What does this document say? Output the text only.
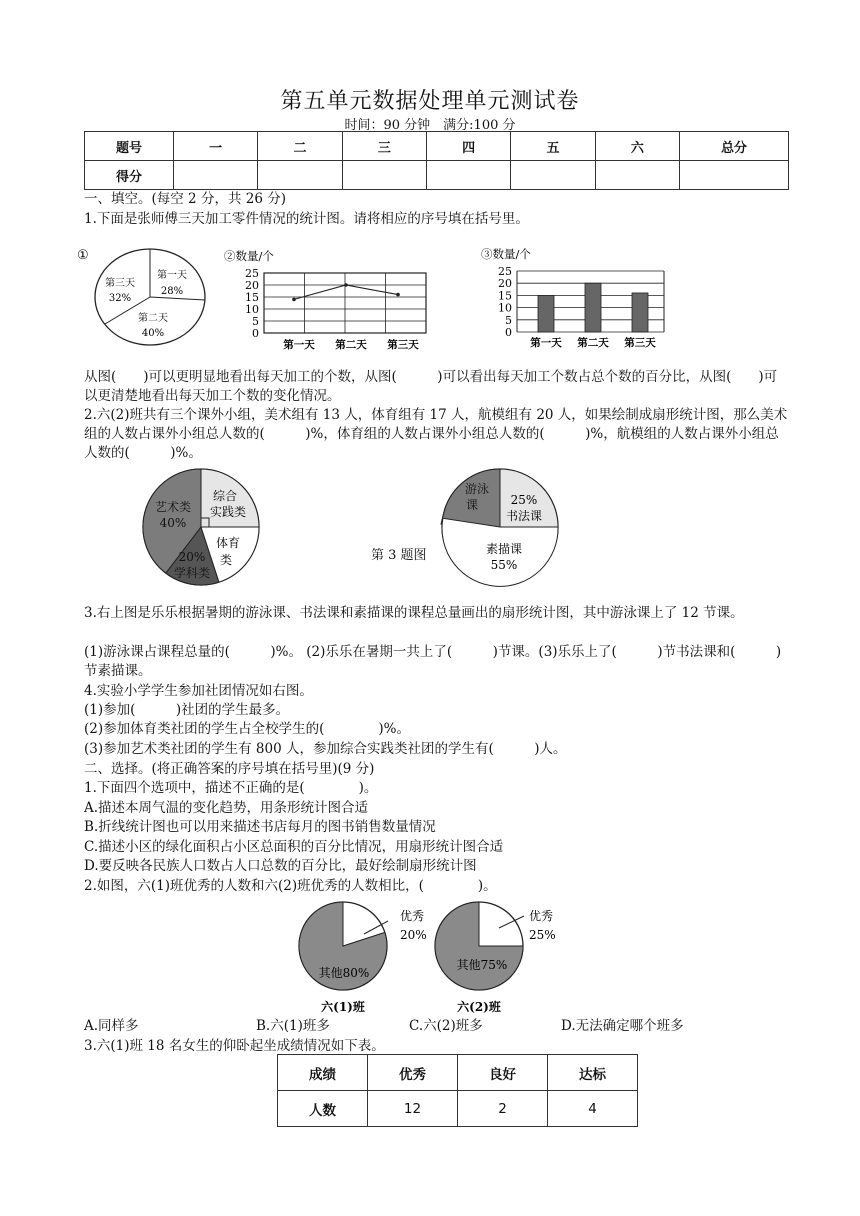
第五单元数据处理单元测试卷
时间：90 分钟　满分:100 分
题号	一	二	三	四	五	六	总分
得分							
一、填空。(每空 2 分，共 26 分)
1.下面是张师傅三天加工零件情况的统计图。请将相应的序号填在括号里。
①
第一天
28%
第二天
40%
第三天
32%
②数量/个
25
20
15
10
5
0
第一天 第二天 第三天
③数量/个
25
20
15
10
5
0
第一天 第二天 第三天
从图(　　)可以更明显地看出每天加工的个数，从图(　　　)可以看出每天加工个数占总个数的百分比，从图(　　)可以更清楚地看出每天加工个数的变化情况。
2.六(2)班共有三个课外小组，美术组有 13 人，体育组有 17 人，航模组有 20 人，如果绘制成扇形统计图，那么美术组的人数占课外小组总人数的(　　　)%，体育组的人数占课外小组总人数的(　　　)%，航模组的人数占课外小组总人数的(　　　)%。
艺术类
40%
综合
实践类
体育
类
20%
学科类
第 3 题图
游泳
课	25%
书法课
素描课
55%
3.右上图是乐乐根据暑期的游泳课、书法课和素描课的课程总量画出的扇形统计图，其中游泳课上了 12 节课。
(1)游泳课占课程总量的(　　　)%。 (2)乐乐在暑期一共上了(　　　)节课。(3)乐乐上了(　　　)节书法课和(　　　)节素描课。
4.实验小学学生参加社团情况如右图。
(1)参加(　　　)社团的学生最多。
(2)参加体育类社团的学生占全校学生的(　　　　)%。
(3)参加艺术类社团的学生有 800 人，参加综合实践类社团的学生有(　　　)人。
二、选择。(将正确答案的序号填在括号里)(9 分)
1.下面四个选项中，描述不正确的是(　　　　)。
A.描述本周气温的变化趋势，用条形统计图合适
B.折线统计图也可以用来描述书店每月的图书销售数量情况
C.描述小区的绿化面积占小区总面积的百分比情况，用扇形统计图合适
D.要反映各民族人口数占人口总数的百分比，最好绘制扇形统计图
2.如图，六(1)班优秀的人数和六(2)班优秀的人数相比，(　　　　)。
优秀
20%
其他80%
六(1)班
优秀
25%
其他75%
六(2)班
A.同样多	B.六(1)班多	C.六(2)班多	D.无法确定哪个班多
3.六(1)班 18 名女生的仰卧起坐成绩情况如下表。
成绩	优秀	良好	达标
人数	12	2	4
